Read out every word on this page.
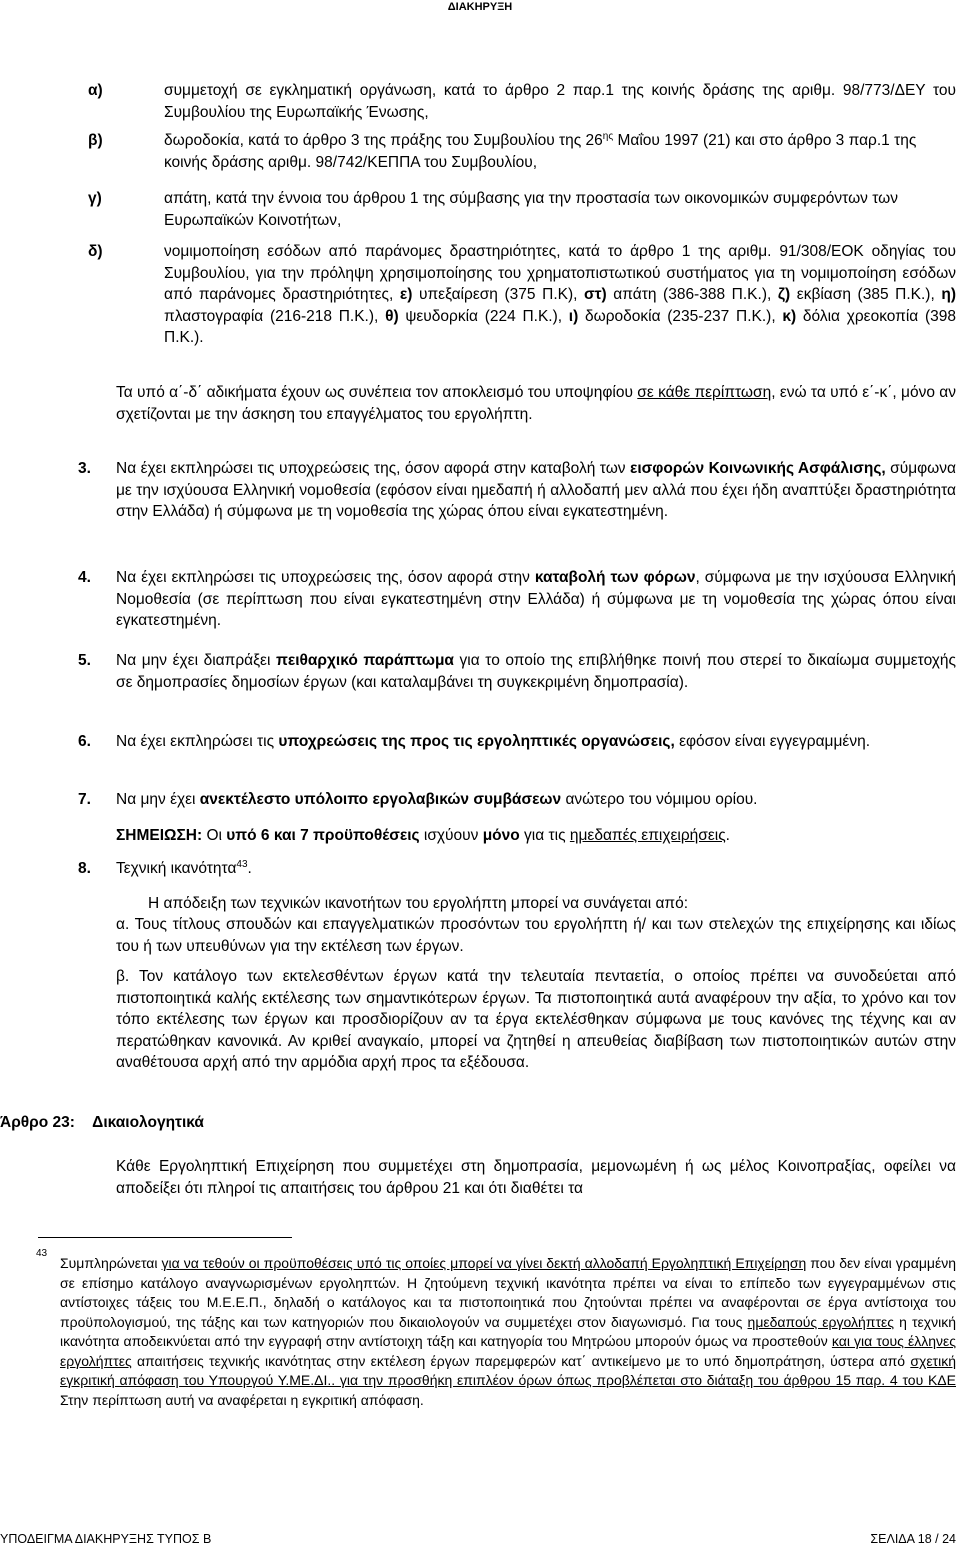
ΔΙΑΚΗΡΥΞΗ
α)	συμμετοχή σε εγκληματική οργάνωση, κατά το άρθρο 2 παρ.1 της κοινής δράσης της αριθμ. 98/773/ΔΕΥ του Συμβουλίου της Ευρωπαϊκής Ένωσης,
β)	δωροδοκία, κατά το άρθρο 3 της πράξης του Συμβουλίου της $26^{\eta\varsigma}$ Μαΐου 1997 (21) και στο άρθρο 3 παρ.1 της κοινής δράσης αριθμ. 98/742/ΚΕΠΠΑ του Συμβουλίου,
γ)	απάτη, κατά την έννοια του άρθρου 1 της σύμβασης για την προστασία των οικονομικών συμφερόντων των Ευρωπαϊκών Κοινοτήτων,
δ)	νομιμοποίηση εσόδων από παράνομες δραστηριότητες, κατά το άρθρο 1 της αριθμ. 91/308/ΕΟΚ οδηγίας του Συμβουλίου, για την πρόληψη χρησιμοποίησης του χρηματοπιστωτικού συστήματος για τη νομιμοποίηση εσόδων από παράνομες δραστηριότητες, ε) υπεξαίρεση (375 Π.Κ), στ) απάτη (386-388 Π.Κ.), ζ) εκβίαση (385 Π.Κ.), η) πλαστογραφία (216-218 Π.Κ.), θ) ψευδορκία (224 Π.Κ.), ι) δωροδοκία (235-237 Π.Κ.), κ) δόλια χρεοκοπία (398 Π.Κ.).
Τα υπό α΄-δ΄ αδικήματα έχουν ως συνέπεια τον αποκλεισμό του υποψηφίου σε κάθε περίπτωση, ενώ τα υπό ε΄-κ΄, μόνο αν σχετίζονται με την άσκηση του επαγγέλματος του εργολήπτη.
3. Να έχει εκπληρώσει τις υποχρεώσεις της, όσον αφορά στην καταβολή των εισφορών Κοινωνικής Ασφάλισης, σύμφωνα με την ισχύουσα Ελληνική νομοθεσία (εφόσον είναι ημεδαπή ή αλλοδαπή μεν αλλά που έχει ήδη αναπτύξει δραστηριότητα στην Ελλάδα) ή σύμφωνα με τη νομοθεσία της χώρας όπου είναι εγκατεστημένη.
4. Να έχει εκπληρώσει τις υποχρεώσεις της, όσον αφορά στην καταβολή των φόρων, σύμφωνα με την ισχύουσα Ελληνική Νομοθεσία (σε περίπτωση που είναι εγκατεστημένη στην Ελλάδα) ή σύμφωνα με τη νομοθεσία της χώρας όπου είναι εγκατεστημένη.
5. Να μην έχει διαπράξει πειθαρχικό παράπτωμα για το οποίο της επιβλήθηκε ποινή που στερεί το δικαίωμα συμμετοχής σε δημοπρασίες δημοσίων έργων (και καταλαμβάνει τη συγκεκριμένη δημοπρασία).
6. Να έχει εκπληρώσει τις υποχρεώσεις της προς τις εργοληπτικές οργανώσεις, εφόσον είναι εγγεγραμμένη.
7. Να μην έχει ανεκτέλεστο υπόλοιπο εργολαβικών συμβάσεων ανώτερο του νόμιμου ορίου.
ΣΗΜΕΙΩΣΗ: Οι υπό 6 και 7 προϋποθέσεις ισχύουν μόνο για τις ημεδαπές επιχειρήσεις.
8. Τεχνική ικανότητα$^{43}$.
Η απόδειξη των τεχνικών ικανοτήτων του εργολήπτη μπορεί να συνάγεται από:
α. Τους τίτλους σπουδών και επαγγελματικών προσόντων του εργολήπτη ή/ και των στελεχών της επιχείρησης και ιδίως του ή των υπευθύνων για την εκτέλεση των έργων.
β. Τον κατάλογο των εκτελεσθέντων έργων κατά την τελευταία πενταετία, ο οποίος πρέπει να συνοδεύεται από πιστοποιητικά καλής εκτέλεσης των σημαντικότερων έργων. Τα πιστοποιητικά αυτά αναφέρουν την αξία, το χρόνο και τον τόπο εκτέλεσης των έργων και προσδιορίζουν αν τα έργα εκτελέσθηκαν σύμφωνα με τους κανόνες της τέχνης και αν περατώθηκαν κανονικά. Αν κριθεί αναγκαίο, μπορεί να ζητηθεί η απευθείας διαβίβαση των πιστοποιητικών αυτών στην αναθέτουσα αρχή από την αρμόδια αρχή προς τα εξέδουσα.
Άρθρο 23: Δικαιολογητικά
Κάθε Εργοληπτική Επιχείρηση που συμμετέχει στη δημοπρασία, μεμονωμένη ή ως μέλος Κοινοπραξίας, οφείλει να αποδείξει ότι πληροί τις απαιτήσεις του άρθρου 21 και ότι διαθέτει τα
43
Συμπληρώνεται για να τεθούν οι προϋποθέσεις υπό τις οποίες μπορεί να γίνει δεκτή αλλοδαπή Εργοληπτική Επιχείρηση που δεν είναι γραμμένη σε επίσημο κατάλογο αναγνωρισμένων εργοληπτών. Η ζητούμενη τεχνική ικανότητα πρέπει να είναι το επίπεδο των εγγεγραμμένων στις αντίστοιχες τάξεις του Μ.Ε.Ε.Π., δηλαδή ο κατάλογος και τα πιστοποιητικά που ζητούνται πρέπει να αναφέρονται σε έργα αντίστοιχα του προϋπολογισμού, της τάξης και των κατηγοριών που δικαιολογούν να συμμετέχει στον διαγωνισμό. Για τους ημεδαπούς εργολήπτες η τεχνική ικανότητα αποδεικνύεται από την εγγραφή στην αντίστοιχη τάξη και κατηγορία του Μητρώου μπορούν όμως να προστεθούν και για τους έλληνες εργολήπτες απαιτήσεις τεχνικής ικανότητας στην εκτέλεση έργων παρεμφερών κατ΄ αντικείμενο με το υπό δημοπράτηση, ύστερα από σχετική εγκριτική απόφαση του Υπουργού Υ.ΜΕ.ΔΙ.. για την προσθήκη επιπλέον όρων όπως προβλέπεται στο διάταξη του άρθρου 15 παρ. 4 του ΚΔΕ Στην περίπτωση αυτή να αναφέρεται η εγκριτική απόφαση.
ΥΠΟΔΕΙΓΜΑ ΔΙΑΚΗΡΥΞΗΣ ΤΥΠΟΣ Β	ΣΕΛΙΔΑ 18 / 24
